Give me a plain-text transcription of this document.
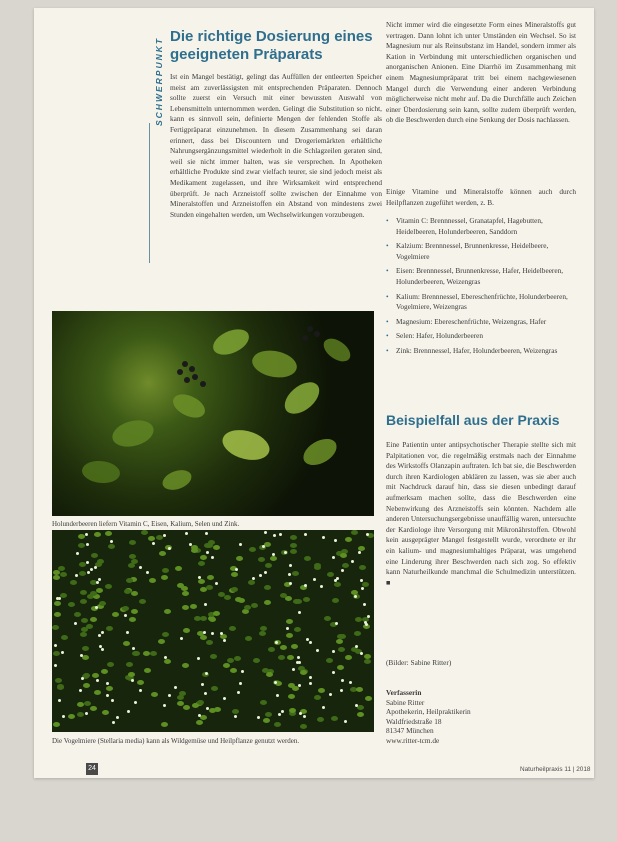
SCHWERPUNKT
Die richtige Dosierung eines geeigneten Präparats

Ist ein Mangel bestätigt, gelingt das Auffüllen der entleerten Speicher meist am zuverlässigsten mit entsprechenden Präparaten. Dennoch sollte zuerst ein Versuch mit einer bewussten Auswahl von Lebensmitteln unternommen werden. Gelingt die Substitution so nicht, kann es sinnvoll sein, definierte Mengen der fehlenden Stoffe als Fertigpräparat einzunehmen. In diesem Zusammenhang sei daran erinnert, dass bei Discountern und Drogeriemärkten erhältliche Nahrungsergänzungsmittel wiederholt in die Schlagzeilen geraten sind, weil sie nicht immer halten, was sie versprechen. In Apotheken erhältliche Produkte sind zwar vielfach teurer, sie sind jedoch meist als Medikament zugelassen, und ihre Wirksamkeit wird entsprechend überprüft. Je nach Arzneistoff sollte zwischen der Einnahme von Mineralstoffen und Arzneistoffen ein Abstand von mindestens zwei Stunden eingehalten werden, um Wechselwirkungen vorzubeugen.

Nicht immer wird die eingesetzte Form eines Mineralstoffs gut vertragen. Dann lohnt ich unter Umständen ein Wechsel. So ist Magnesium nur als Reinsubstanz im Handel, sondern immer als Kation in Verbindung mit unterschiedlichen organischen und anorganischen Anionen. Eine Diarrhö im Zusammenhang mit einem Magnesiumpräparat tritt bei einem nachgewiesenen Mangel durch die Verwendung einer anderen Verbindung möglicherweise nicht mehr auf. Da die Durchfälle auch Zeichen einer Überdosierung sein kann, sollte zudem überprüft werden, ob die Beschwerden durch eine Senkung der Dosis nachlassen.

Einige Vitamine und Mineralstoffe können auch durch Heilpflanzen zugeführt werden, z. B.

• Vitamin C: Brennnessel, Granatapfel, Hagebutten, Heidelbeeren, Holunderbeeren, Sanddorn
• Kalzium: Brennnessel, Brunnenkresse, Heidelbeere, Vogelmiere
• Eisen: Brennnessel, Brunnenkresse, Hafer, Heidelbeeren, Holunderbeeren, Weizengras
• Kalium: Brennnessel, Ebereschenfrüchte, Holunderbeeren, Vogelmiere, Weizengras
• Magnesium: Ebereschenfrüchte, Weizengras, Hafer
• Selen: Hafer, Holunderbeeren
• Zink: Brennnessel, Hafer, Holunderbeeren, Weizengras
Beispielfall aus der Praxis

Eine Patientin unter antipsychotischer Therapie stellte sich mit Palpitationen vor, die regelmäßig erstmals nach der Einnahme des Wirkstoffs Olanzapin auftraten. Ich bat sie, die Beschwerden durch ihren Kardiologen abklären zu lassen, was sie aber auch mit Nachdruck darauf hin, dass sie diesen unbedingt darauf aufmerksam machen sollte, dass die Beschwerden eine Nebenwirkung des Arzneistoffs sein könnten. Nachdem alle anderen Untersuchungsergebnisse unauffällig waren, untersuchte der Kardiologe ihre Versorgung mit Mikronährstoffen. Obwohl kein ausgeprägter Mangel festgestellt wurde, verordnete er ihr ein kalium- und magnesiumhaltiges Präparat, was umgehend eine Linderung ihrer Beschwerden nach sich zog. So effektiv kann Naturheilkunde manchmal die Schulmedizin unterstützen. ■

(Bilder: Sabine Ritter)
Verfasserin
Sabine Ritter
Apothekerin, Heilpraktikerin
Waldfriedstraße 18
81347 München
www.ritter-tcm.de
Holunderbeeren liefern Vitamin C, Eisen, Kalium, Selen und Zink.
Die Vogelmiere (Stellaria media) kann als Wildgemüse und Heilpflanze genutzt werden.
24	Naturheilpraxis 11 | 2018
